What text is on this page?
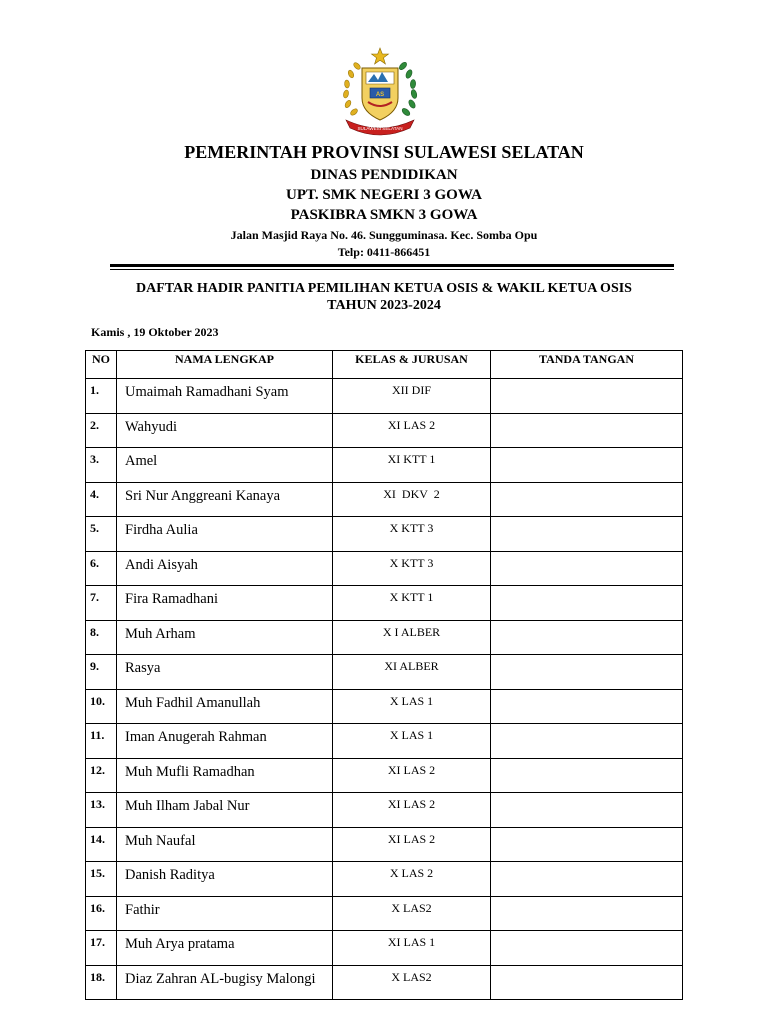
AS
SULAWESI SELATAN
PEMERINTAH PROVINSI SULAWESI SELATAN
DINAS PENDIDIKAN
UPT. SMK NEGERI 3 GOWA
PASKIBRA SMKN 3 GOWA
Jalan Masjid Raya No. 46. Sungguminasa. Kec. Somba Opu
Telp: 0411-866451
DAFTAR HADIR PANITIA PEMILIHAN KETUA OSIS & WAKIL KETUA OSIS
TAHUN 2023-2024
Kamis , 19 Oktober 2023
NO	NAMA LENGKAP	KELAS & JURUSAN	TANDA TANGAN
1.	Umaimah Ramadhani Syam	XII DIF	
2.	Wahyudi	XI LAS 2	
3.	Amel	XI KTT 1	
4.	Sri Nur Anggreani Kanaya	XI  DKV  2	
5.	Firdha Aulia	X KTT 3	
6.	Andi Aisyah	X KTT 3	
7.	Fira Ramadhani	X KTT 1	
8.	Muh Arham	X I ALBER	
9.	Rasya	XI ALBER	
10.	Muh Fadhil Amanullah	X LAS 1	
11.	Iman Anugerah Rahman	X LAS 1	
12.	Muh Mufli Ramadhan	XI LAS 2	
13.	Muh Ilham Jabal Nur	XI LAS 2	
14.	Muh Naufal	XI LAS 2	
15.	Danish Raditya	X LAS 2	
16.	Fathir	X LAS2	
17.	Muh Arya pratama	XI LAS 1	
18.	Diaz Zahran AL-bugisy Malongi	X LAS2	
